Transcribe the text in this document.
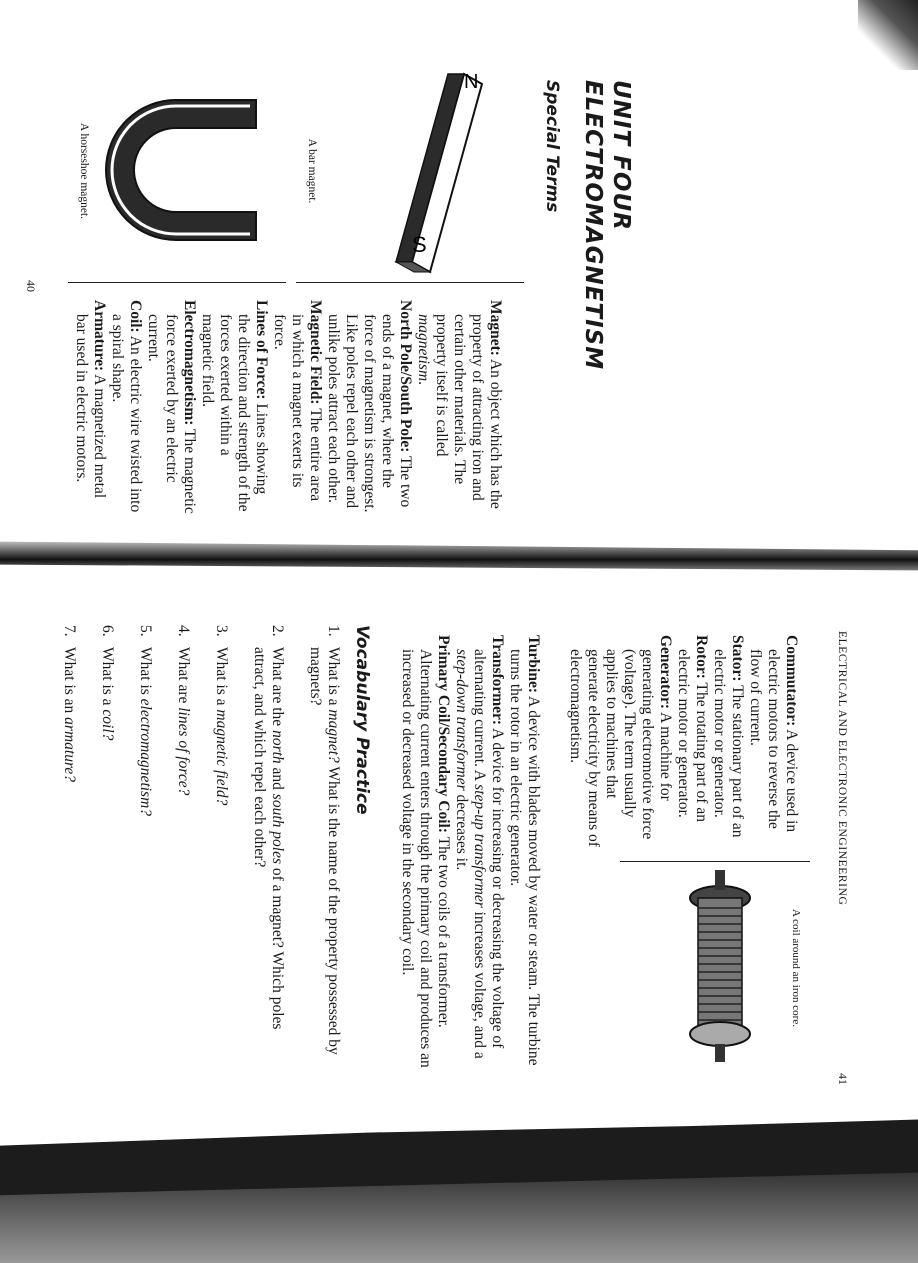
UNIT FOUR
ELECTROMAGNETISM
Special Terms
N
S
A bar magnet.
A horseshoe magnet.

Magnet: An object which has the property of attracting iron and certain other materials. The property itself is called magnetism.

North Pole/South Pole: The two ends of a magnet, where the force of magnetism is strongest. Like poles repel each other and unlike poles attract each other.

Magnetic Field: The entire area in which a magnet exerts its force.

Lines of Force: Lines showing the direction and strength of the forces exerted within a magnetic field.

Electromagnetism: The magnetic force exerted by an electric current.

Coil: An electric wire twisted into a spiral shape.

Armature: A magnetized metal bar used in electric motors.

40
ELECTRICAL AND ELECTRONIC ENGINEERING
41
A coil around an iron core.

Commutator: A device used in electric motors to reverse the flow of current.

Stator: The stationary part of an electric motor or generator.

Rotor: The rotating part of an electric motor or generator.

Generator: A machine for generating electromotive force (voltage). The term usually applies to machines that generate electricity by means of electromagnetism.

Turbine: A device with blades moved by water or steam. The turbine turns the rotor in an electric generator.

Transformer: A device for increasing or decreasing the voltage of alternating current. A step-up transformer increases voltage, and a step-down transformer decreases it.

Primary Coil/Secondary Coil: The two coils of a transformer. Alternating current enters through the primary coil and produces an increased or decreased voltage in the secondary coil.

Vocabulary Practice
1.
What is a magnet? What is the name of the property possessed by magnets?
2.
What are the north and south poles of a magnet? Which poles attract, and which repel each other?
3.
What is a magnetic field?
4.
What are lines of force?
5.
What is electromagnetism?
6.
What is a coil?
7.
What is an armature?
